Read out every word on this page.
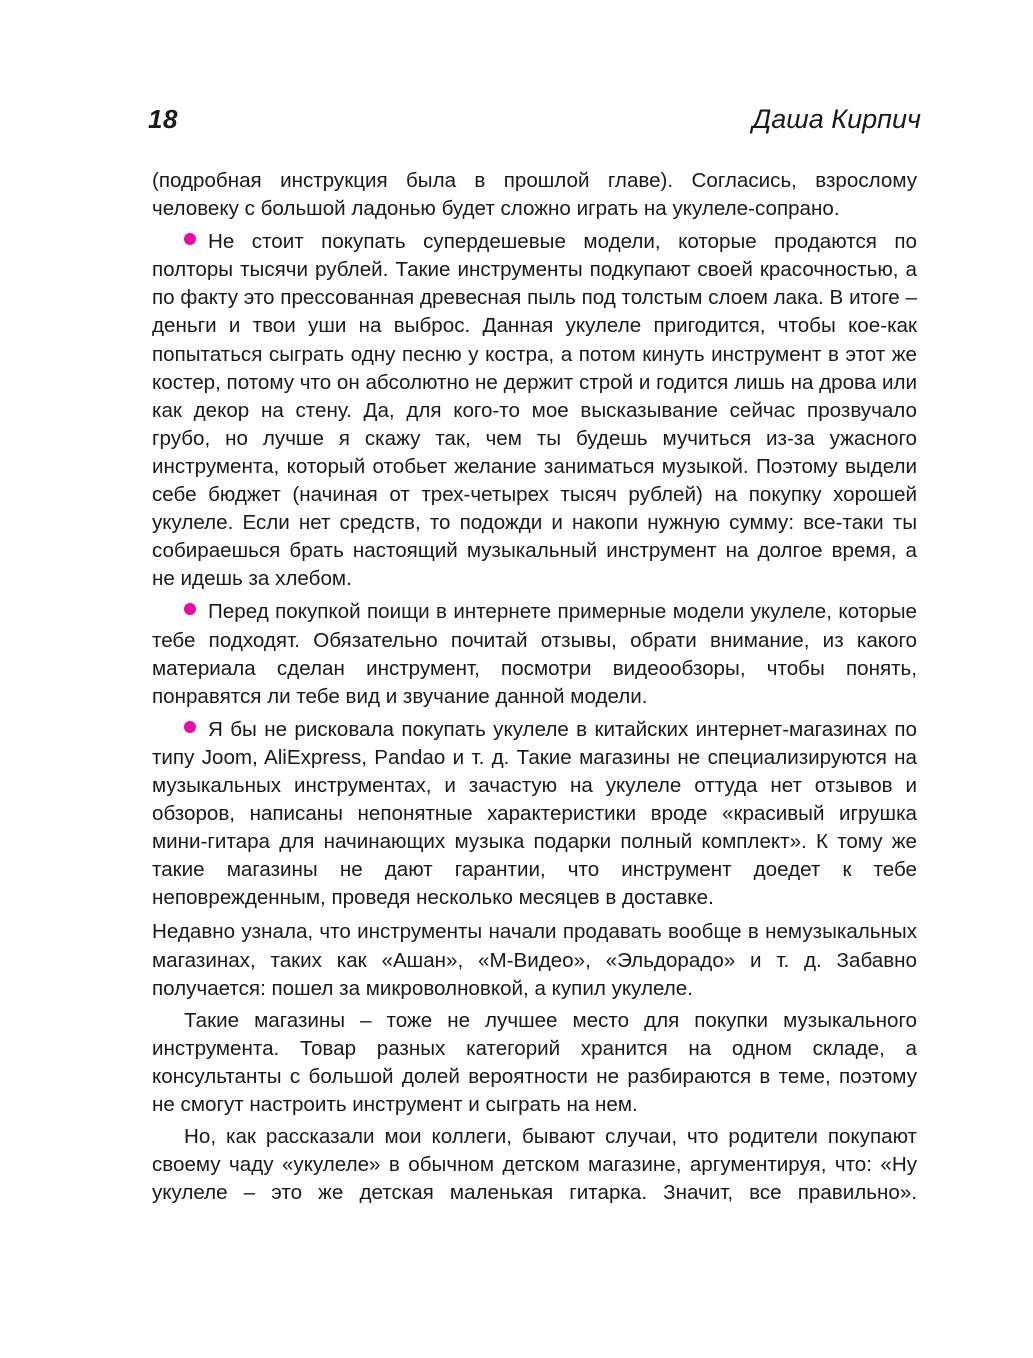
18	Даша Кирпич

(подробная инструкция была в прошлой главе). Согласись, взрослому человеку с большой ладонью будет сложно играть на укулеле-сопрано.

Не стоит покупать супердешевые модели, которые продаются по полторы тысячи рублей. Такие инструменты подкупают своей красочностью, а по факту это прессованная древесная пыль под толстым слоем лака. В итоге – деньги и твои уши на выброс. Данная укулеле пригодится, чтобы кое-как попытаться сыграть одну песню у костра, а потом кинуть инструмент в этот же костер, потому что он абсолютно не держит строй и годится лишь на дрова или как декор на стену. Да, для кого-то мое высказывание сейчас прозвучало грубо, но лучше я скажу так, чем ты будешь мучиться из-за ужасного инструмента, который отобьет желание заниматься музыкой. Поэтому выдели себе бюджет (начиная от трех-четырех тысяч рублей) на покупку хорошей укулеле. Если нет средств, то подожди и накопи нужную сумму: все-таки ты собираешься брать настоящий музыкальный инструмент на долгое время, а не идешь за хлебом.

Перед покупкой поищи в интернете примерные модели укулеле, которые тебе подходят. Обязательно почитай отзывы, обрати внимание, из какого материала сделан инструмент, посмотри видеообзоры, чтобы понять, понравятся ли тебе вид и звучание данной модели.

Я бы не рисковала покупать укулеле в китайских интернет-магазинах по типу Joom, AliExpress, Pandao и т. д. Такие магазины не специализируются на музыкальных инструментах, и зачастую на укулеле оттуда нет отзывов и обзоров, написаны непонятные характеристики вроде «красивый игрушка мини-гитара для начинающих музыка подарки полный комплект». К тому же такие магазины не дают гарантии, что инструмент доедет к тебе неповрежденным, проведя несколько месяцев в доставке.

Недавно узнала, что инструменты начали продавать вообще в немузыкальных магазинах, таких как «Ашан», «М-Видео», «Эльдорадо» и т. д. Забавно получается: пошел за микроволновкой, а купил укулеле.

Такие магазины – тоже не лучшее место для покупки музыкального инструмента. Товар разных категорий хранится на одном складе, а консультанты с большой долей вероятности не разбираются в теме, поэтому не смогут настроить инструмент и сыграть на нем.

Но, как рассказали мои коллеги, бывают случаи, что родители покупают своему чаду «укулеле» в обычном детском магазине, аргументируя, что: «Ну укулеле – это же детская маленькая гитарка. Значит, все правильно».
